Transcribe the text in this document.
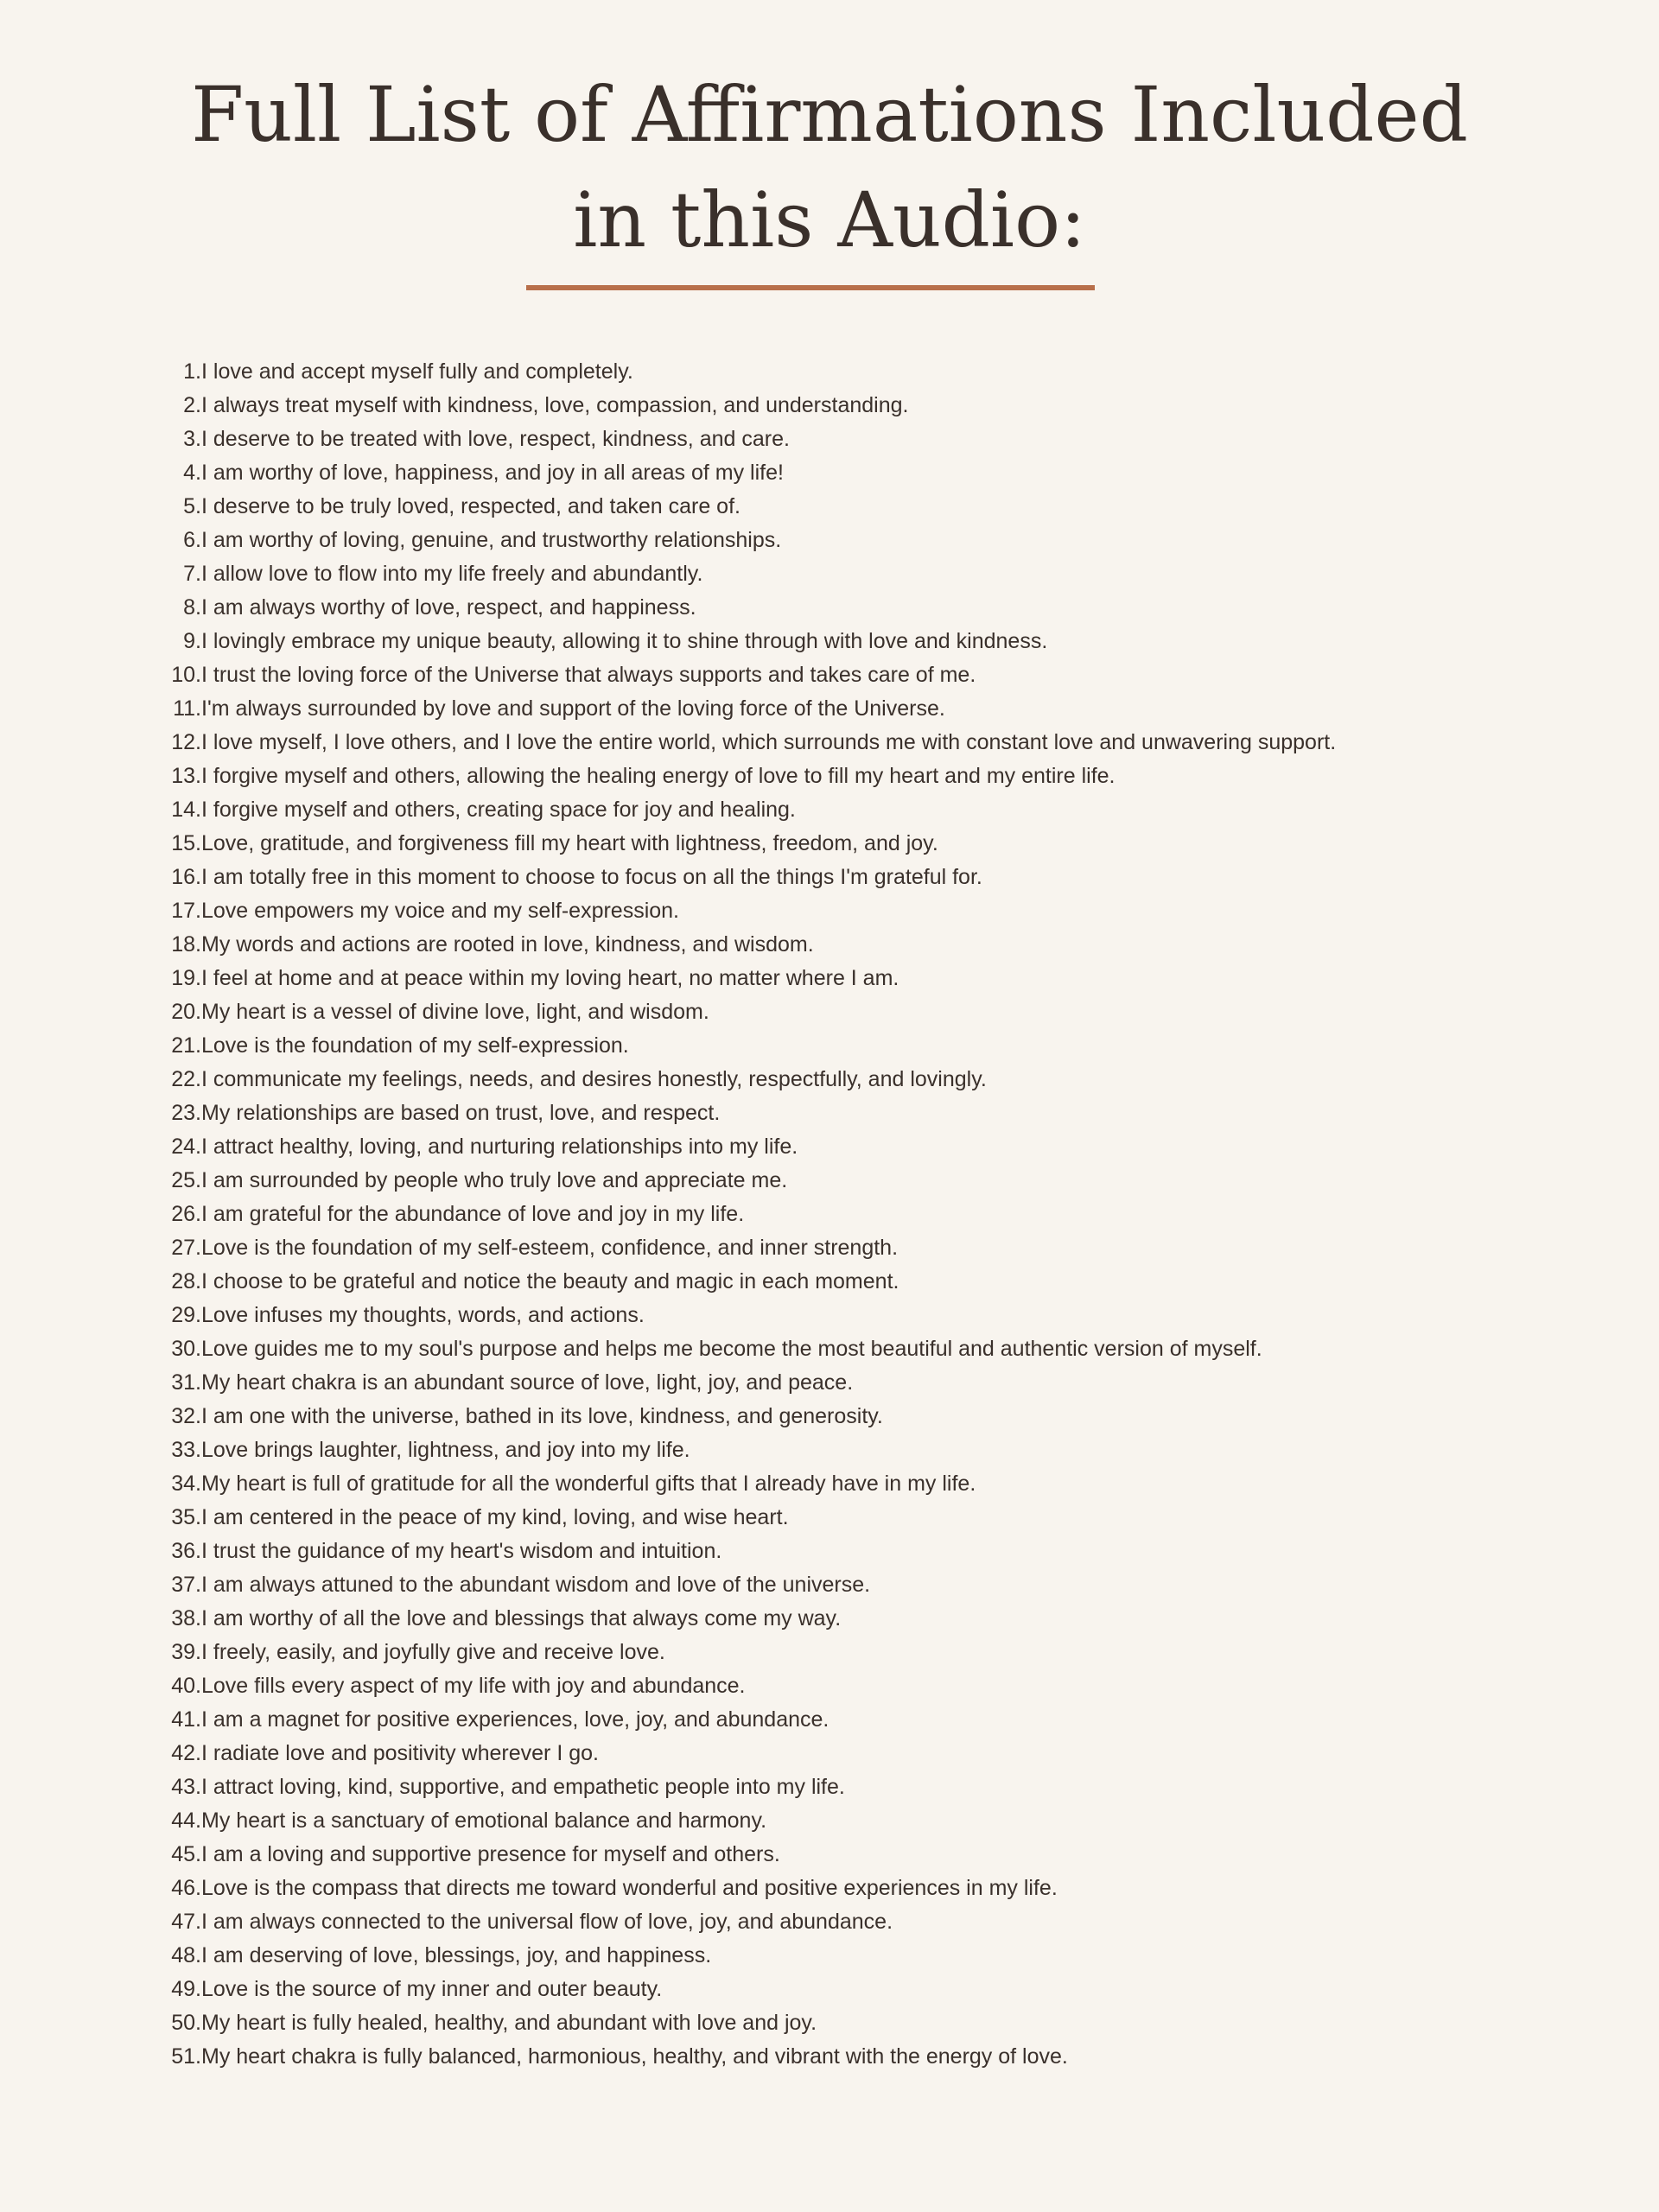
Full List of Affirmations Included
in this Audio:
1. I love and accept myself fully and completely.
2. I always treat myself with kindness, love, compassion, and understanding.
3. I deserve to be treated with love, respect, kindness, and care.
4. I am worthy of love, happiness, and joy in all areas of my life!
5. I deserve to be truly loved, respected, and taken care of.
6. I am worthy of loving, genuine, and trustworthy relationships.
7. I allow love to flow into my life freely and abundantly.
8. I am always worthy of love, respect, and happiness.
9. I lovingly embrace my unique beauty, allowing it to shine through with love and kindness.
10. I trust the loving force of the Universe that always supports and takes care of me.
11. I'm always surrounded by love and support of the loving force of the Universe.
12. I love myself, I love others, and I love the entire world, which surrounds me with constant love and unwavering support.
13. I forgive myself and others, allowing the healing energy of love to fill my heart and my entire life.
14. I forgive myself and others, creating space for joy and healing.
15. Love, gratitude, and forgiveness fill my heart with lightness, freedom, and joy.
16. I am totally free in this moment to choose to focus on all the things I'm grateful for.
17. Love empowers my voice and my self-expression.
18. My words and actions are rooted in love, kindness, and wisdom.
19. I feel at home and at peace within my loving heart, no matter where I am.
20. My heart is a vessel of divine love, light, and wisdom.
21. Love is the foundation of my self-expression.
22. I communicate my feelings, needs, and desires honestly, respectfully, and lovingly.
23. My relationships are based on trust, love, and respect.
24. I attract healthy, loving, and nurturing relationships into my life.
25. I am surrounded by people who truly love and appreciate me.
26. I am grateful for the abundance of love and joy in my life.
27. Love is the foundation of my self-esteem, confidence, and inner strength.
28. I choose to be grateful and notice the beauty and magic in each moment.
29. Love infuses my thoughts, words, and actions.
30. Love guides me to my soul's purpose and helps me become the most beautiful and authentic version of myself.
31. My heart chakra is an abundant source of love, light, joy, and peace.
32. I am one with the universe, bathed in its love, kindness, and generosity.
33. Love brings laughter, lightness, and joy into my life.
34. My heart is full of gratitude for all the wonderful gifts that I already have in my life.
35. I am centered in the peace of my kind, loving, and wise heart.
36. I trust the guidance of my heart's wisdom and intuition.
37. I am always attuned to the abundant wisdom and love of the universe.
38. I am worthy of all the love and blessings that always come my way.
39. I freely, easily, and joyfully give and receive love.
40. Love fills every aspect of my life with joy and abundance.
41. I am a magnet for positive experiences, love, joy, and abundance.
42. I radiate love and positivity wherever I go.
43. I attract loving, kind, supportive, and empathetic people into my life.
44. My heart is a sanctuary of emotional balance and harmony.
45. I am a loving and supportive presence for myself and others.
46. Love is the compass that directs me toward wonderful and positive experiences in my life.
47. I am always connected to the universal flow of love, joy, and abundance.
48. I am deserving of love, blessings, joy, and happiness.
49. Love is the source of my inner and outer beauty.
50. My heart is fully healed, healthy, and abundant with love and joy.
51. My heart chakra is fully balanced, harmonious, healthy, and vibrant with the energy of love.
